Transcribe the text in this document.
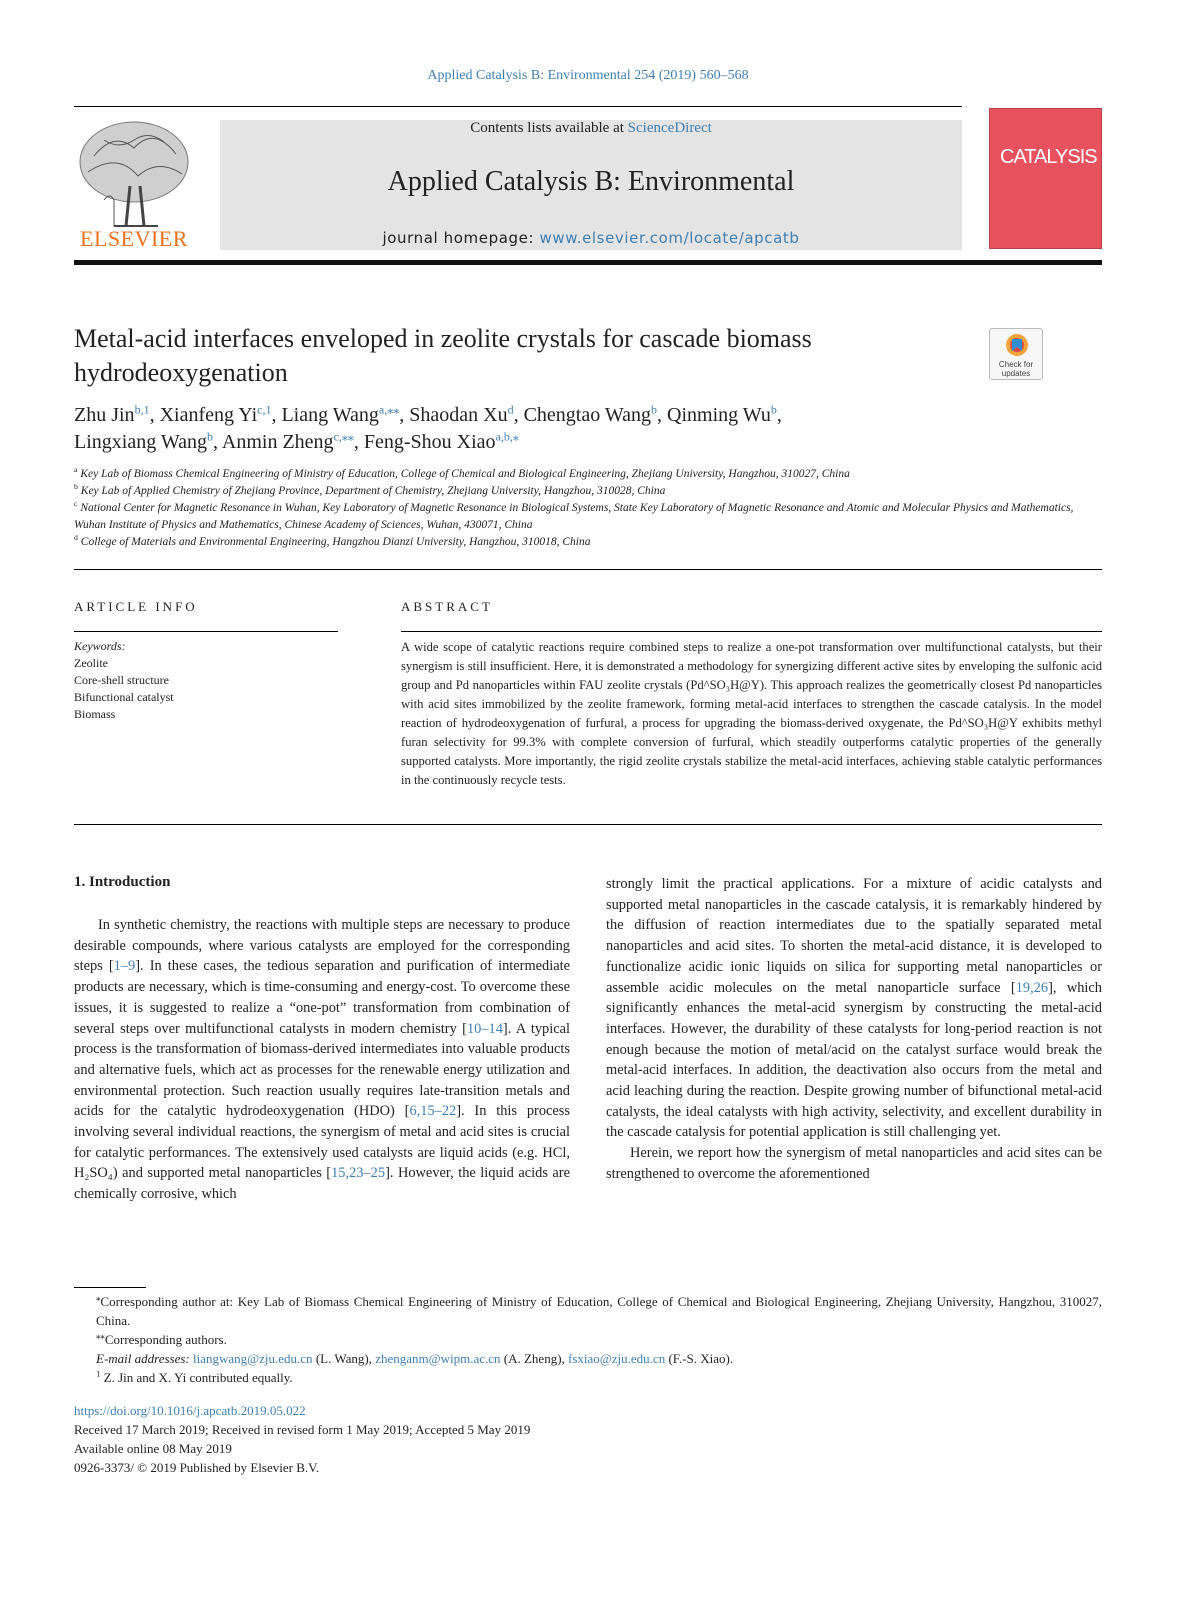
Applied Catalysis B: Environmental 254 (2019) 560–568
ELSEVIER
Contents lists available at ScienceDirect
Applied Catalysis B: Environmental
journal homepage: www.elsevier.com/locate/apcatb
CATALYSIS
Metal-acid interfaces enveloped in zeolite crystals for cascade biomass hydrodeoxygenation	Check for updates
Zhu Jin$^{b,1}$, Xianfeng Yi$^{c,1}$, Liang Wang$^{a,⁎⁎}$, Shaodan Xu$^d$, Chengtao Wang$^b$, Qinming Wu$^b$,
Lingxiang Wang$^b$, Anmin Zheng$^{c,⁎⁎}$, Feng-Shou Xiao$^{a,b,⁎}$
$^a$ Key Lab of Biomass Chemical Engineering of Ministry of Education, College of Chemical and Biological Engineering, Zhejiang University, Hangzhou, 310027, China
$^b$ Key Lab of Applied Chemistry of Zhejiang Province, Department of Chemistry, Zhejiang University, Hangzhou, 310028, China
$^c$ National Center for Magnetic Resonance in Wuhan, Key Laboratory of Magnetic Resonance in Biological Systems, State Key Laboratory of Magnetic Resonance and Atomic and Molecular Physics and Mathematics, Wuhan Institute of Physics and Mathematics, Chinese Academy of Sciences, Wuhan, 430071, China
$^d$ College of Materials and Environmental Engineering, Hangzhou Dianzi University, Hangzhou, 310018, China
ARTICLE INFO	ABSTRACT
Keywords:
Zeolite
Core-shell structure
Bifunctional catalyst
Biomass
A wide scope of catalytic reactions require combined steps to realize a one-pot transformation over multifunctional catalysts, but their synergism is still insufficient. Here, it is demonstrated a methodology for synergizing different active sites by enveloping the sulfonic acid group and Pd nanoparticles within FAU zeolite crystals (Pd^SO₃H@Y). This approach realizes the geometrically closest Pd nanoparticles with acid sites immobilized by the zeolite framework, forming metal-acid interfaces to strengthen the cascade catalysis. In the model reaction of hydrodeoxygenation of furfural, a process for upgrading the biomass-derived oxygenate, the Pd^SO₃H@Y exhibits methyl furan selectivity for 99.3% with complete conversion of furfural, which steadily outperforms catalytic properties of the generally supported catalysts. More importantly, the rigid zeolite crystals stabilize the metal-acid interfaces, achieving stable catalytic performances in the continuously recycle tests.
1. Introduction

In synthetic chemistry, the reactions with multiple steps are necessary to produce desirable compounds, where various catalysts are employed for the corresponding steps [1–9]. In these cases, the tedious separation and purification of intermediate products are necessary, which is time-consuming and energy-cost. To overcome these issues, it is suggested to realize a “one-pot” transformation from combination of several steps over multifunctional catalysts in modern chemistry [10–14]. A typical process is the transformation of biomass-derived intermediates into valuable products and alternative fuels, which act as processes for the renewable energy utilization and environmental protection. Such reaction usually requires late-transition metals and acids for the catalytic hydrodeoxygenation (HDO) [6,15–22]. In this process involving several individual reactions, the synergism of metal and acid sites is crucial for catalytic performances. The extensively used catalysts are liquid acids (e.g. HCl, H₂SO₄) and supported metal nanoparticles [15,23–25]. However, the liquid acids are chemically corrosive, which

strongly limit the practical applications. For a mixture of acidic catalysts and supported metal nanoparticles in the cascade catalysis, it is remarkably hindered by the diffusion of reaction intermediates due to the spatially separated metal nanoparticles and acid sites. To shorten the metal-acid distance, it is developed to functionalize acidic ionic liquids on silica for supporting metal nanoparticles or assemble acidic molecules on the metal nanoparticle surface [19,26], which significantly enhances the metal-acid synergism by constructing the metal-acid interfaces. However, the durability of these catalysts for long-period reaction is not enough because the motion of metal/acid on the catalyst surface would break the metal-acid interfaces. In addition, the deactivation also occurs from the metal and acid leaching during the reaction. Despite growing number of bifunctional metal-acid catalysts, the ideal catalysts with high activity, selectivity, and excellent durability in the cascade catalysis for potential application is still challenging yet.

Herein, we report how the synergism of metal nanoparticles and acid sites can be strengthened to overcome the aforementioned

⁎Corresponding author at: Key Lab of Biomass Chemical Engineering of Ministry of Education, College of Chemical and Biological Engineering, Zhejiang University, Hangzhou, 310027, China.

⁎⁎Corresponding authors.

E-mail addresses: liangwang@zju.edu.cn (L. Wang), zhenganm@wipm.ac.cn (A. Zheng), fsxiao@zju.edu.cn (F.-S. Xiao).

$^1$ Z. Jin and X. Yi contributed equally.

https://doi.org/10.1016/j.apcatb.2019.05.022
Received 17 March 2019; Received in revised form 1 May 2019; Accepted 5 May 2019
Available online 08 May 2019
0926-3373/ © 2019 Published by Elsevier B.V.
